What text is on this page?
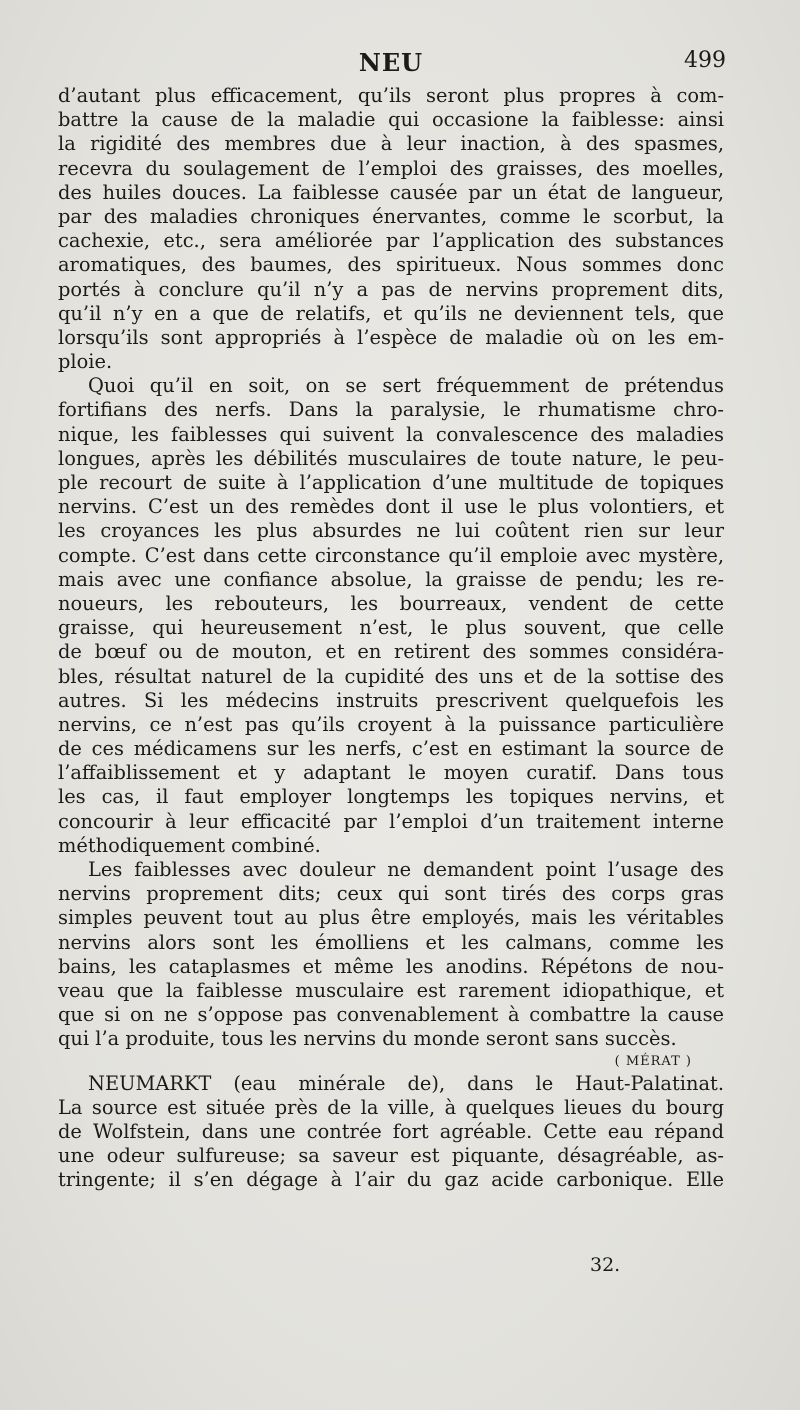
NEU	499
d’autant plus efficacement, qu’ils seront plus propres à com-
battre la cause de la maladie qui occasione la faiblesse: ainsi
la rigidité des membres due à leur inaction, à des spasmes,
recevra du soulagement de l’emploi des graisses, des moelles,
des huiles douces. La faiblesse causée par un état de langueur,
par des maladies chroniques énervantes, comme le scorbut, la
cachexie, etc., sera améliorée par l’application des substances
aromatiques, des baumes, des spiritueux. Nous sommes donc
portés à conclure qu’il n’y a pas de nervins proprement dits,
qu’il n’y en a que de relatifs, et qu’ils ne deviennent tels, que
lorsqu’ils sont appropriés à l’espèce de maladie où on les em-
ploie.
Quoi qu’il en soit, on se sert fréquemment de prétendus
fortifians des nerfs. Dans la paralysie, le rhumatisme chro-
nique, les faiblesses qui suivent la convalescence des maladies
longues, après les débilités musculaires de toute nature, le peu-
ple recourt de suite à l’application d’une multitude de topiques
nervins. C’est un des remèdes dont il use le plus volontiers, et
les croyances les plus absurdes ne lui coûtent rien sur leur
compte. C’est dans cette circonstance qu’il emploie avec mystère,
mais avec une confiance absolue, la graisse de pendu; les re-
noueurs, les rebouteurs, les bourreaux, vendent de cette
graisse, qui heureusement n’est, le plus souvent, que celle
de bœuf ou de mouton, et en retirent des sommes considéra-
bles, résultat naturel de la cupidité des uns et de la sottise des
autres. Si les médecins instruits prescrivent quelquefois les
nervins, ce n’est pas qu’ils croyent à la puissance particulière
de ces médicamens sur les nerfs, c’est en estimant la source de
l’affaiblissement et y adaptant le moyen curatif. Dans tous
les cas, il faut employer longtemps les topiques nervins, et
concourir à leur efficacité par l’emploi d’un traitement interne
méthodiquement combiné.
Les faiblesses avec douleur ne demandent point l’usage des
nervins proprement dits; ceux qui sont tirés des corps gras
simples peuvent tout au plus être employés, mais les véritables
nervins alors sont les émolliens et les calmans, comme les
bains, les cataplasmes et même les anodins. Répétons de nou-
veau que la faiblesse musculaire est rarement idiopathique, et
que si on ne s’oppose pas convenablement à combattre la cause
qui l’a produite, tous les nervins du monde seront sans succès.
( MÉRAT )
NEUMARKT (eau minérale de), dans le Haut-Palatinat.
La source est située près de la ville, à quelques lieues du bourg
de Wolfstein, dans une contrée fort agréable. Cette eau répand
une odeur sulfureuse; sa saveur est piquante, désagréable, as-
tringente; il s’en dégage à l’air du gaz acide carbonique. Elle
32.
